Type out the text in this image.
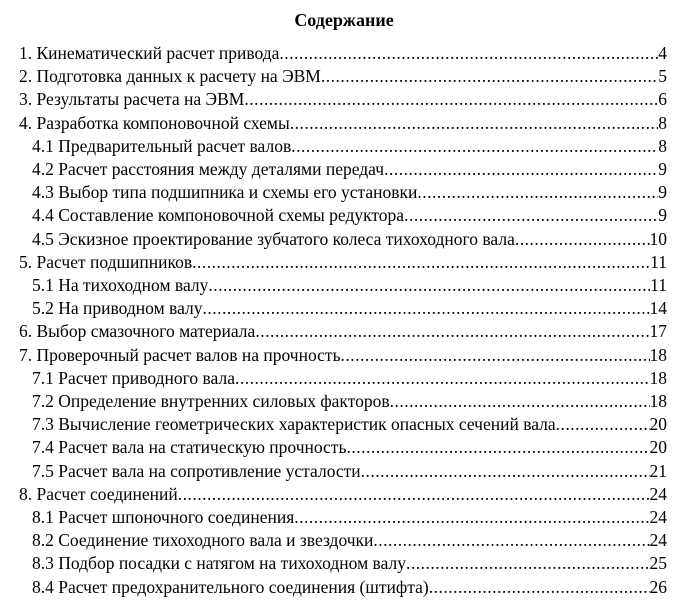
Содержание
1. Кинематический расчет привода .....	4
2. Подготовка данных к расчету на ЭВМ .....	5
3. Результаты расчета на ЭВМ .....	6
4. Разработка компоновочной схемы .....	8
4.1 Предварительный расчет валов .....	8
4.2 Расчет расстояния между деталями передач .....	9
4.3 Выбор типа подшипника и схемы его установки .....	9
4.4 Составление компоновочной схемы редуктора .....	9
4.5 Эскизное проектирование зубчатого колеса тихоходного вала .....	10
5. Расчет подшипников .....	11
5.1 На тихоходном валу .....	11
5.2 На приводном валу .....	14
6. Выбор смазочного материала .....	17
7. Проверочный расчет валов на прочность .....	18
7.1 Расчет приводного вала .....	18
7.2 Определение внутренних силовых факторов .....	18
7.3 Вычисление геометрических характеристик опасных сечений вала .....	20
7.4 Расчет вала на статическую прочность .....	20
7.5 Расчет вала на сопротивление усталости .....	21
8. Расчет соединений .....	24
8.1 Расчет шпоночного соединения .....	24
8.2 Соединение тихоходного вала и звездочки .....	24
8.3 Подбор посадки с натягом на тихоходном валу .....	25
8.4 Расчет предохранительного соединения (штифта) .....	26
